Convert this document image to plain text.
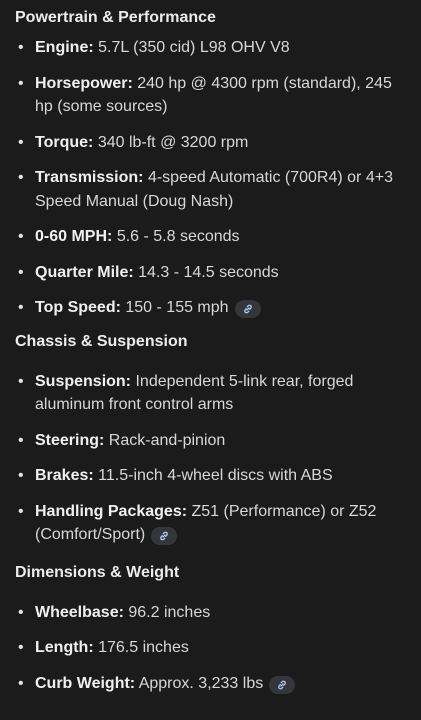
Powertrain & Performance
• Engine: 5.7L (350 cid) L98 OHV V8
• Horsepower: 240 hp @ 4300 rpm (standard), 245 hp (some sources)
• Torque: 340 lb-ft @ 3200 rpm
• Transmission: 4-speed Automatic (700R4) or 4+3 Speed Manual (Doug Nash)
• 0-60 MPH: 5.6 - 5.8 seconds
• Quarter Mile: 14.3 - 14.5 seconds
• Top Speed: 150 - 155 mph
Chassis & Suspension
• Suspension: Independent 5-link rear, forged aluminum front control arms
• Steering: Rack-and-pinion
• Brakes: 11.5-inch 4-wheel discs with ABS
• Handling Packages: Z51 (Performance) or Z52 (Comfort/Sport)
Dimensions & Weight
• Wheelbase: 96.2 inches
• Length: 176.5 inches
• Curb Weight: Approx. 3,233 lbs
